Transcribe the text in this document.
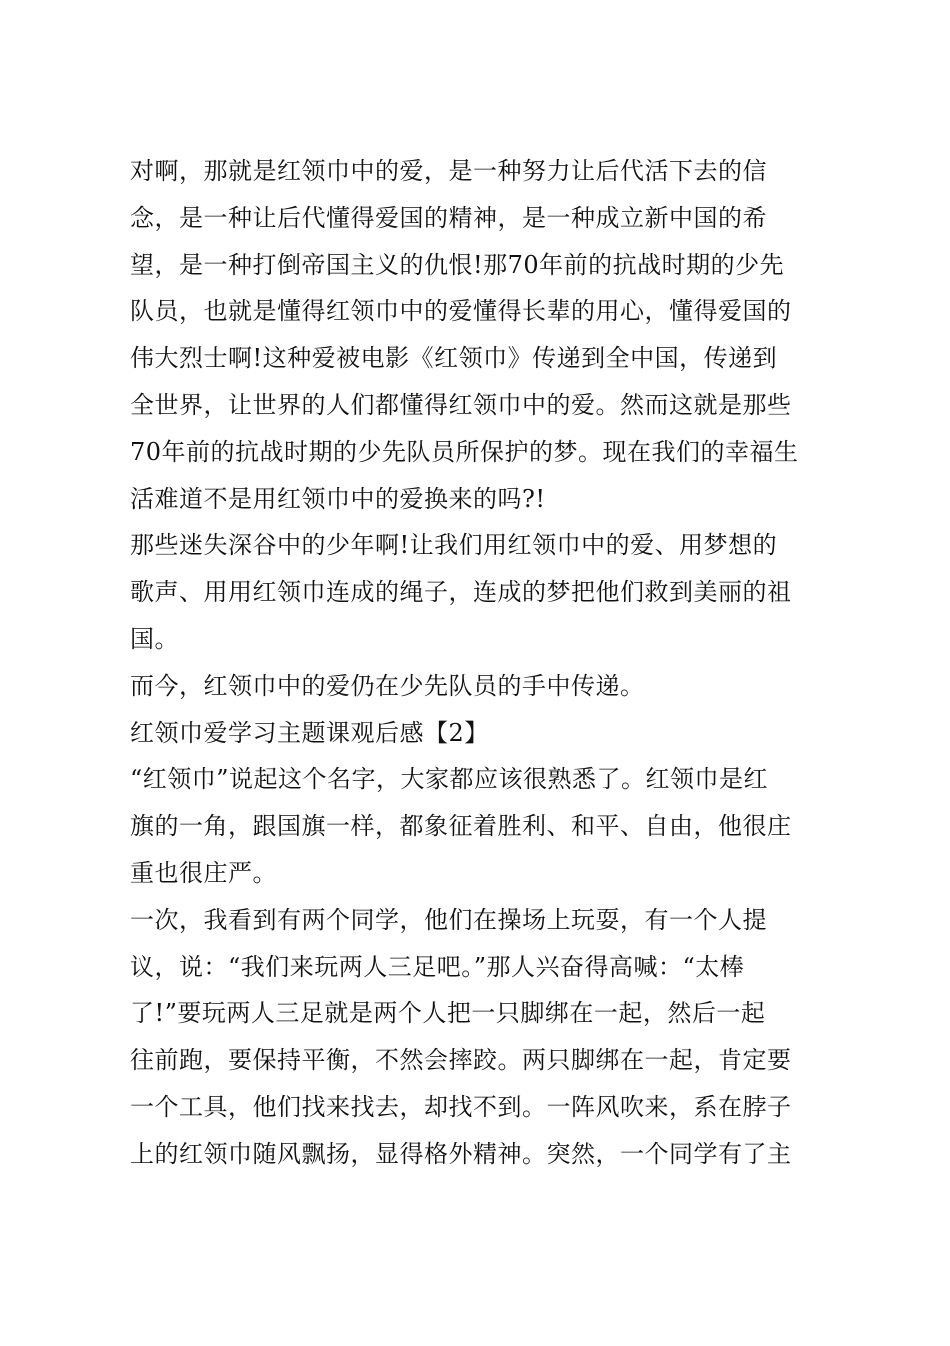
对啊，那就是红领巾中的爱，是一种努力让后代活下去的信
念，是一种让后代懂得爱国的精神，是一种成立新中国的希
望，是一种打倒帝国主义的仇恨!那70年前的抗战时期的少先
队员，也就是懂得红领巾中的爱懂得长辈的用心，懂得爱国的
伟大烈士啊!这种爱被电影《红领巾》传递到全中国，传递到
全世界，让世界的人们都懂得红领巾中的爱。然而这就是那些
70年前的抗战时期的少先队员所保护的梦。现在我们的幸福生
活难道不是用红领巾中的爱换来的吗?!
那些迷失深谷中的少年啊!让我们用红领巾中的爱、用梦想的
歌声、用用红领巾连成的绳子，连成的梦把他们救到美丽的祖
国。
而今，红领巾中的爱仍在少先队员的手中传递。
红领巾爱学习主题课观后感【2】
“红领巾”说起这个名字，大家都应该很熟悉了。红领巾是红
旗的一角，跟国旗一样，都象征着胜利、和平、自由，他很庄
重也很庄严。
一次，我看到有两个同学，他们在操场上玩耍，有一个人提
议，说：“我们来玩两人三足吧。”那人兴奋得高喊：“太棒
了!”要玩两人三足就是两个人把一只脚绑在一起，然后一起
往前跑，要保持平衡，不然会摔跤。两只脚绑在一起，肯定要
一个工具，他们找来找去，却找不到。一阵风吹来，系在脖子
上的红领巾随风飘扬，显得格外精神。突然，一个同学有了主
